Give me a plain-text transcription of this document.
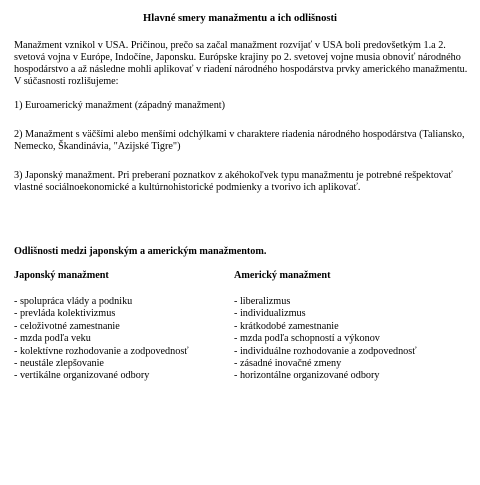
Hlavné smery manažmentu a ich odlišnosti

Manažment vznikol v USA. Pričinou, prečo sa začal manažment rozvíjať v USA boli predovšetkým 1.a 2. svetová vojna v Európe, Indočíne, Japonsku. Európske krajiny po 2. svetovej vojne musia obnoviť národného hospodárstvo a až následne mohli aplikovať v riadení národného hospodárstva prvky amerického manažmentu. V súčasnosti rozlišujeme:

1) Euroamerický manažment (západný manažment)

2) Manažment s väčšími alebo menšími odchýlkami v charaktere riadenia národného hospodárstva (Taliansko, Nemecko, Škandinávia, "Azijské Tigre")

3) Japonský manažment. Pri preberaní poznatkov z akéhokoľvek typu manažmentu je potrebné rešpektovať vlastné sociálnoekonomické a kultúrnohistorické podmienky a tvorivo ich aplikovať.

Odlišnosti medzi japonským a americkým manažmentom.
Japonský manažment
- spolupráca vlády a podniku
- prevláda kolektivizmus
- celoživotné zamestnanie
- mzda podľa veku
- kolektívne rozhodovanie a zodpovednosť
- neustále zlepšovanie
- vertikálne organizované odbory
Americký manažment
- liberalizmus
- individualizmus
- krátkodobé zamestnanie
- mzda podľa schopností a výkonov
- individuálne rozhodovanie a zodpovednosť
- zásadné inovačné zmeny
- horizontálne organizované odbory
